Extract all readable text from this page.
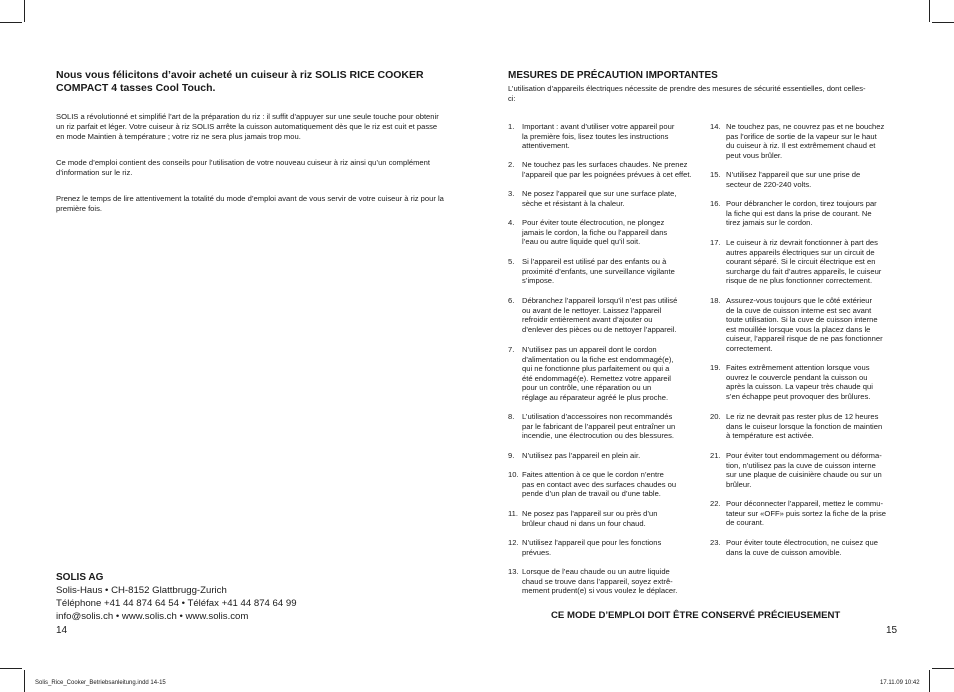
Nous vous félicitons d’avoir acheté un cuiseur à riz SOLIS RICE COOKER COMPACT 4 tasses Cool Touch.

SOLIS a révolutionné et simplifié l’art de la préparation du riz : il suffit d’appuyer sur une seule touche pour obtenir un riz parfait et léger. Votre cuiseur à riz SOLIS arrête la cuisson automatiquement dès que le riz est cuit et passe en mode Maintien à température ; votre riz ne sera plus jamais trop mou.

Ce mode d’emploi contient des conseils pour l’utilisation de votre nouveau cuiseur à riz ainsi qu’un complément d’information sur le riz.

Prenez le temps de lire attentivement la totalité du mode d’emploi avant de vous servir de votre cuiseur à riz pour la première fois.

SOLIS AG
Solis-Haus • CH-8152 Glattbrugg-Zurich
Téléphone +41 44 874 64 54 • Téléfax +41 44 874 64 99
info@solis.ch • www.solis.ch • www.solis.com
14
MESURES DE PRÉCAUTION IMPORTANTES
L’utilisation d’appareils électriques nécessite de prendre des mesures de sécurité essentielles, dont celles-ci:
1. Important : avant d’utiliser votre appareil pour
la première fois, lisez toutes les instructions
attentivement.
2. Ne touchez pas les surfaces chaudes. Ne prenez
l’appareil que par les poignées prévues à cet effet.
3. Ne posez l’appareil que sur une surface plate,
sèche et résistant à la chaleur.
4. Pour éviter toute électrocution, ne plongez
jamais le cordon, la fiche ou l’appareil dans
l’eau ou autre liquide quel qu’il soit.
5. Si l’appareil est utilisé par des enfants ou à
proximité d’enfants, une surveillance vigilante
s’impose.
6. Débranchez l’appareil lorsqu’il n’est pas utilisé
ou avant de le nettoyer. Laissez l’appareil
refroidir entièrement avant d’ajouter ou
d’enlever des pièces ou de nettoyer l’appareil.
7. N’utilisez pas un appareil dont le cordon
d’alimentation ou la fiche est endommagé(e),
qui ne fonctionne plus parfaitement ou qui a
été endommagé(e). Remettez votre appareil
pour un contrôle, une réparation ou un
réglage au réparateur agréé le plus proche.
8. L’utilisation d’accessoires non recommandés
par le fabricant de l’appareil peut entraîner un
incendie, une électrocution ou des blessures.
9. N’utilisez pas l’appareil en plein air.
10. Faites attention à ce que le cordon n’entre
pas en contact avec des surfaces chaudes ou
pende d’un plan de travail ou d’une table.
11. Ne posez pas l’appareil sur ou près d’un
brûleur chaud ni dans un four chaud.
12. N’utilisez l’appareil que pour les fonctions
prévues.
13. Lorsque de l’eau chaude ou un autre liquide
chaud se trouve dans l’appareil, soyez extrê-
mement prudent(e) si vous voulez le déplacer.
14. Ne touchez pas, ne couvrez pas et ne bouchez
pas l’orifice de sortie de la vapeur sur le haut
du cuiseur à riz. Il est extrêmement chaud et
peut vous brûler.
15. N’utilisez l’appareil que sur une prise de
secteur de 220-240 volts.
16. Pour débrancher le cordon, tirez toujours par
la fiche qui est dans la prise de courant. Ne
tirez jamais sur le cordon.
17. Le cuiseur à riz devrait fonctionner à part des
autres appareils électriques sur un circuit de
courant séparé. Si le circuit électrique est en
surcharge du fait d’autres appareils, le cuiseur
risque de ne plus fonctionner correctement.
18. Assurez-vous toujours que le côté extérieur
de la cuve de cuisson interne est sec avant
toute utilisation. Si la cuve de cuisson interne
est mouillée lorsque vous la placez dans le
cuiseur, l’appareil risque de ne pas fonctionner
correctement.
19. Faites extrêmement attention lorsque vous
ouvrez le couvercle pendant la cuisson ou
après la cuisson. La vapeur très chaude qui
s’en échappe peut provoquer des brûlures.
20. Le riz ne devrait pas rester plus de 12 heures
dans le cuiseur lorsque la fonction de maintien
à température est activée.
21. Pour éviter tout endommagement ou déforma-
tion, n’utilisez pas la cuve de cuisson interne
sur une plaque de cuisinière chaude ou sur un
brûleur.
22. Pour déconnecter l’appareil, mettez le commu-
tateur sur «OFF» puis sortez la fiche de la prise
de courant.
23. Pour éviter toute électrocution, ne cuisez que
dans la cuve de cuisson amovible.
CE MODE D’EMPLOI DOIT ÊTRE CONSERVÉ PRÉCIEUSEMENT
15
Solis_Rice_Cooker_Betriebsanleitung.indd 14-15	17.11.09 10:42
